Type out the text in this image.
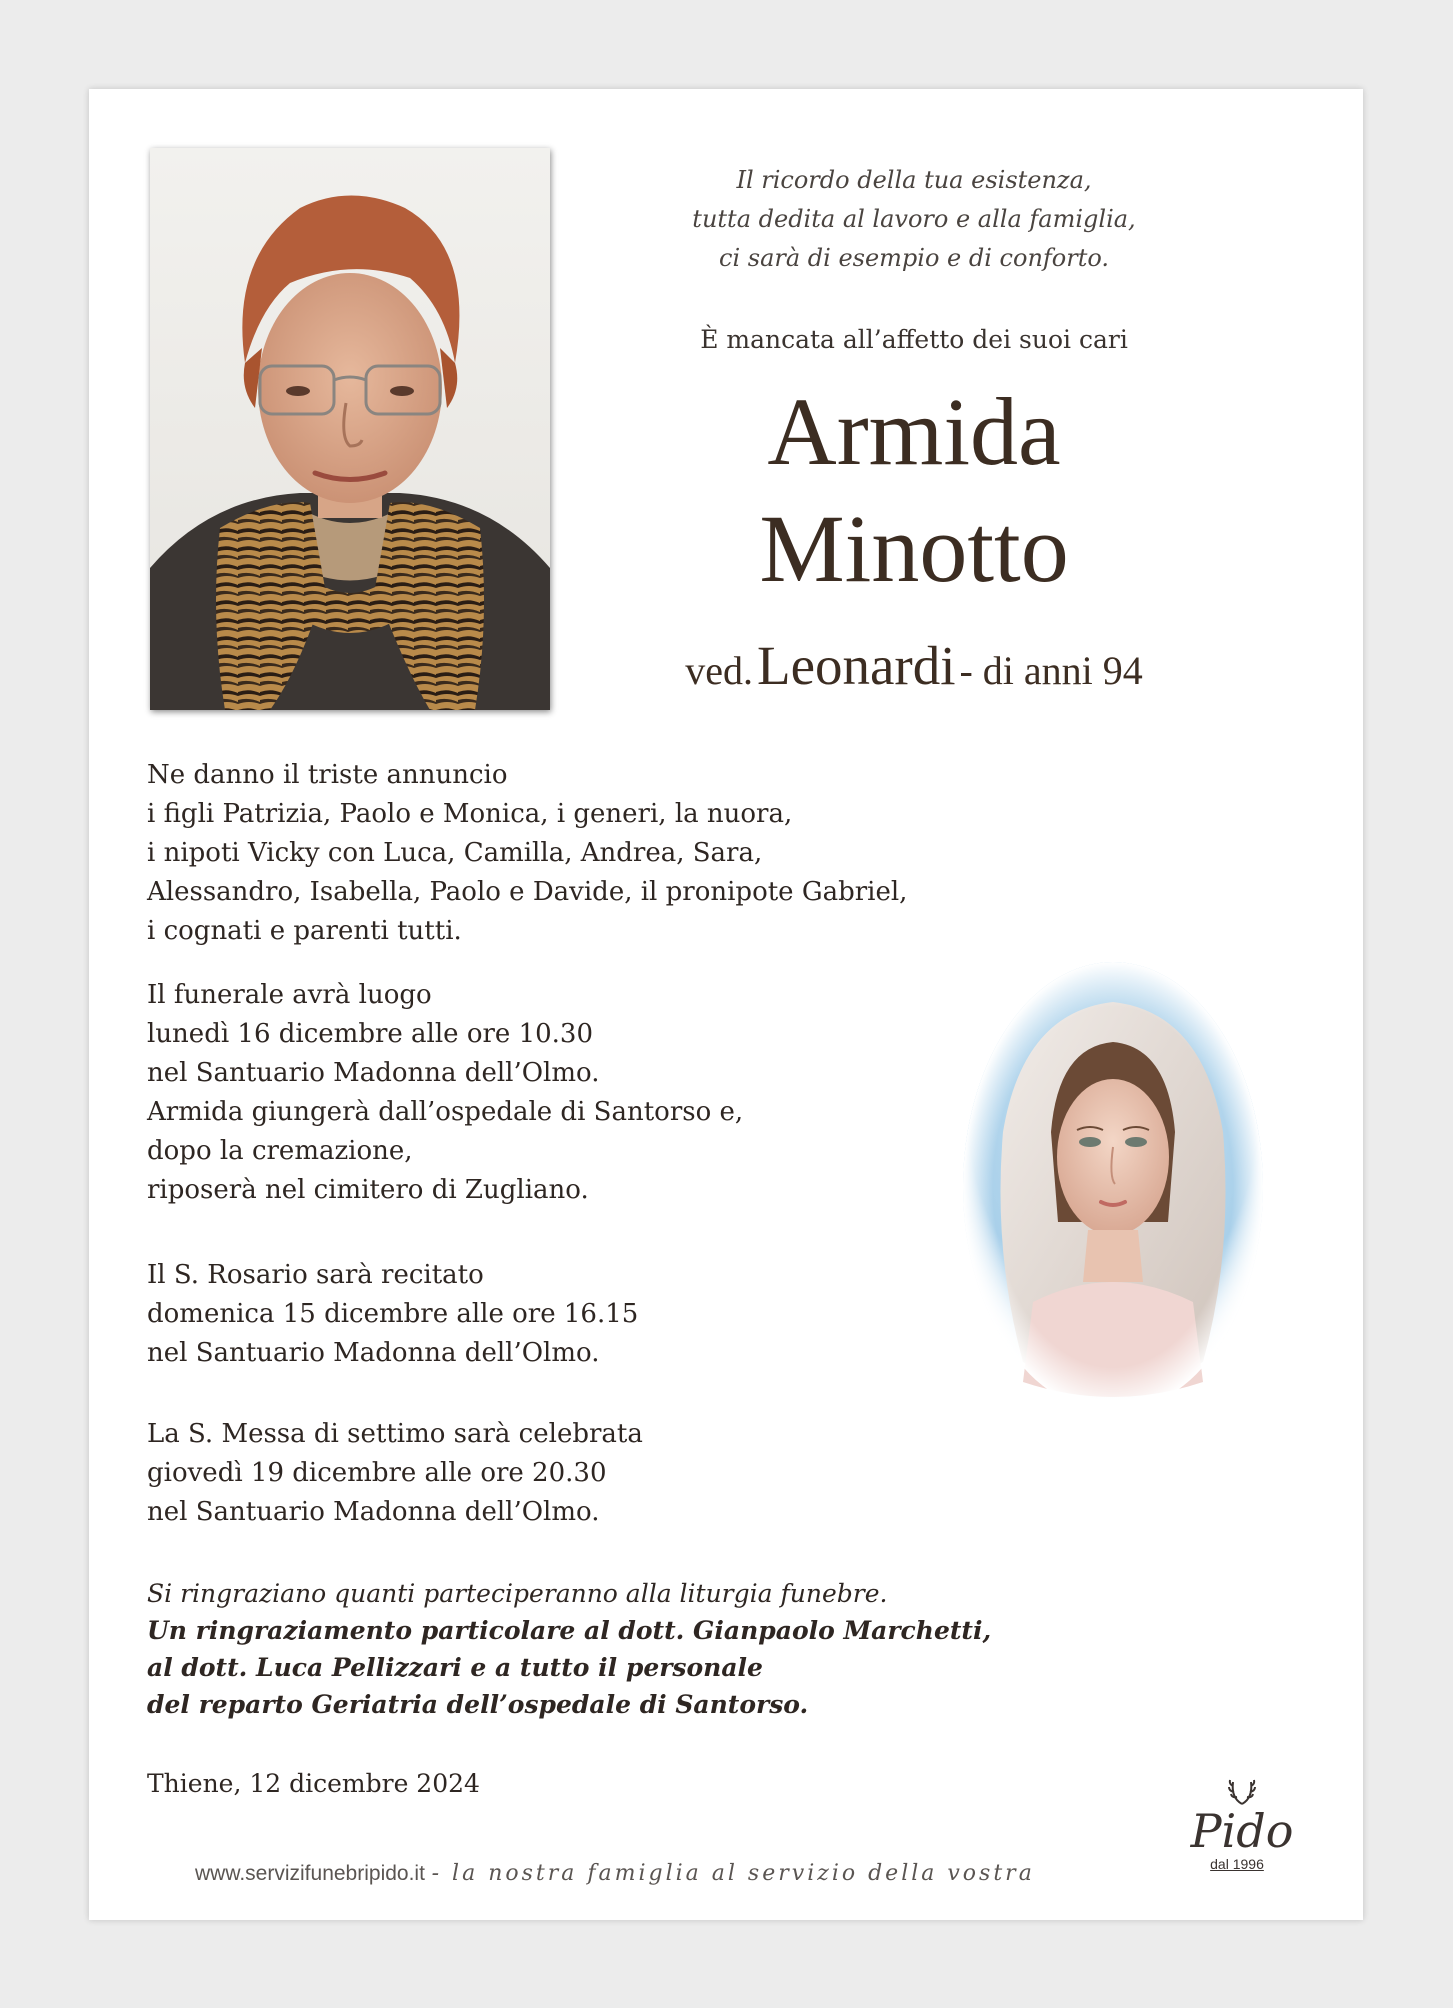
Il ricordo della tua esistenza,
tutta dedita al lavoro e alla famiglia,
ci sarà di esempio e di conforto.
È mancata all’affetto dei suoi cari
Armida
Minotto
ved. Leonardi - di anni 94
Ne danno il triste annuncio
i figli Patrizia, Paolo e Monica, i generi, la nuora,
i nipoti Vicky con Luca, Camilla, Andrea, Sara,
Alessandro, Isabella, Paolo e Davide, il pronipote Gabriel,
i cognati e parenti tutti.
Il funerale avrà luogo
lunedì 16 dicembre alle ore 10.30
nel Santuario Madonna dell’Olmo.
Armida giungerà dall’ospedale di Santorso e,
dopo la cremazione,
riposerà nel cimitero di Zugliano.
Il S. Rosario sarà recitato
domenica 15 dicembre alle ore 16.15
nel Santuario Madonna dell’Olmo.
La S. Messa di settimo sarà celebrata
giovedì 19 dicembre alle ore 20.30
nel Santuario Madonna dell’Olmo.
Si ringraziano quanti parteciperanno alla liturgia funebre.
Un ringraziamento particolare al dott. Gianpaolo Marchetti,
al dott. Luca Pellizzari e a tutto il personale
del reparto Geriatria dell’ospedale di Santorso.
Thiene, 12 dicembre 2024
www.servizifunebripido.it - la nostra famiglia al servizio della vostra
Pido
dal 1996
